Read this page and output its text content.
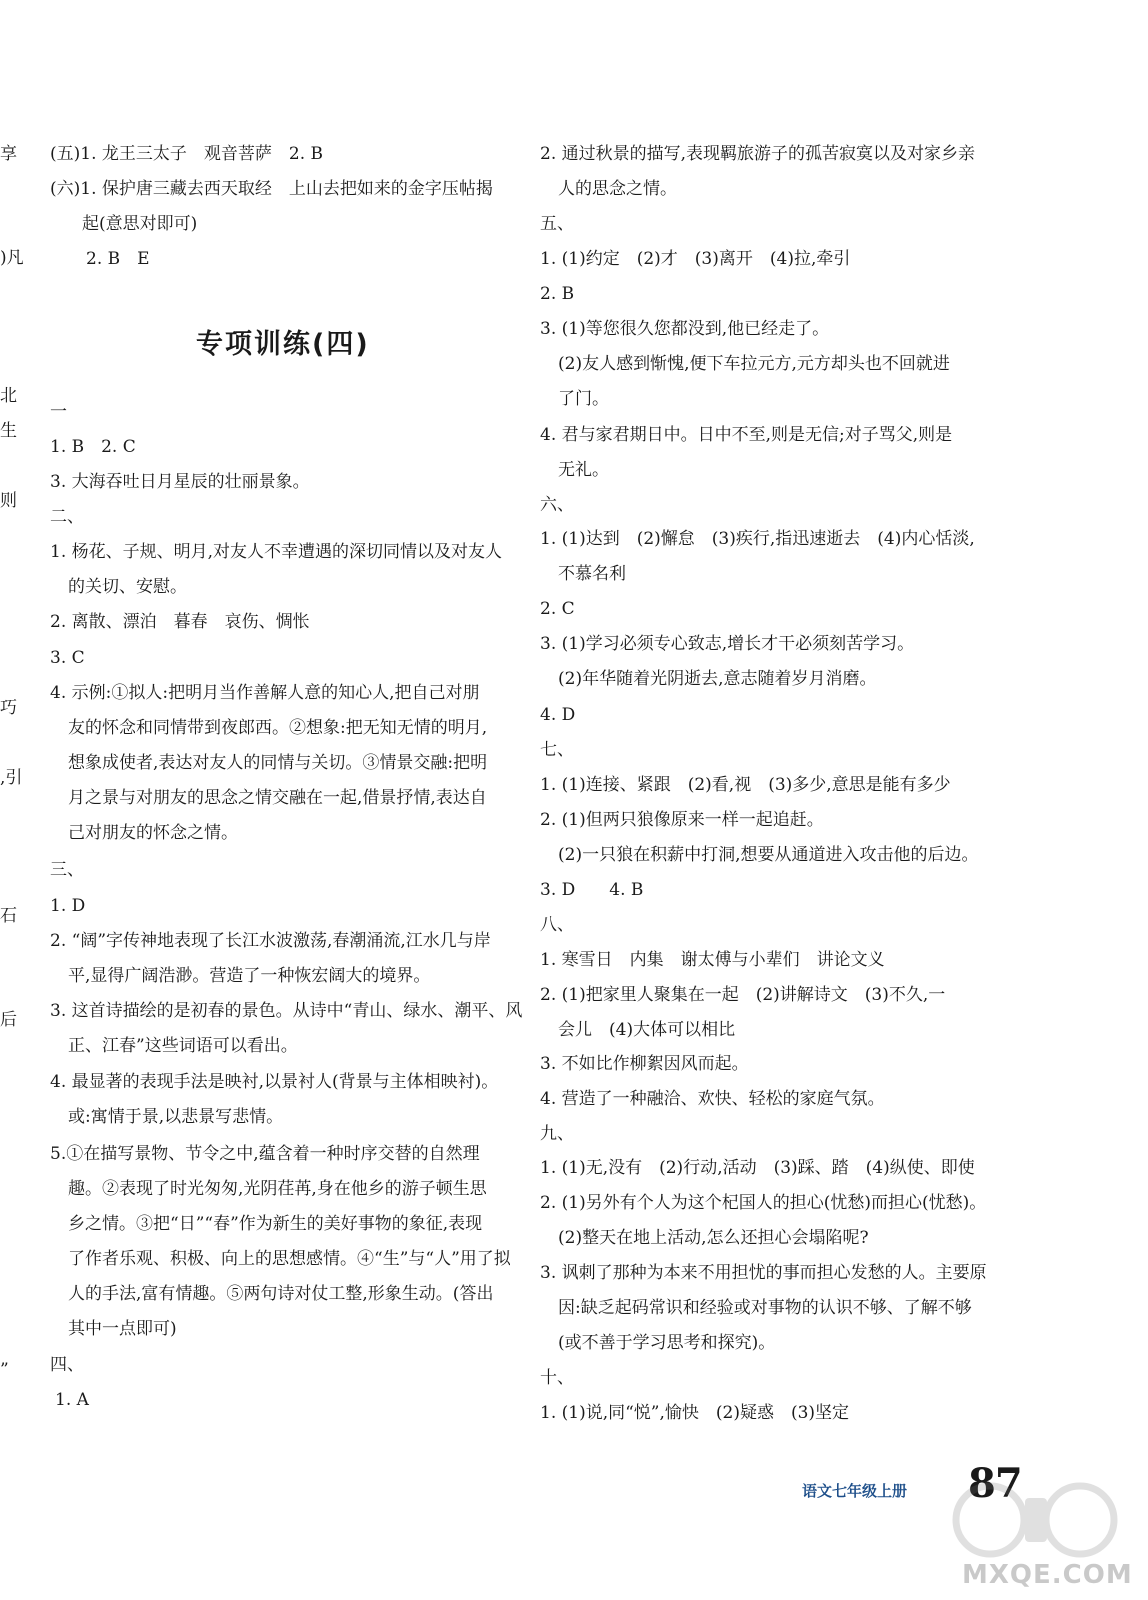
享
)凡
北
生
则
巧
,引
石
后
”
(五)1. 龙王三太子　观音菩萨　2. B
(六)1. 保护唐三藏去西天取经　上山去把如来的金字压帖揭
起(意思对即可)
2. B　E
专项训练(四)
一
1. B　2. C
3. 大海吞吐日月星辰的壮丽景象。
二、
1. 杨花、子规、明月,对友人不幸遭遇的深切同情以及对友人
的关切、安慰。
2. 离散、漂泊　暮春　哀伤、惆怅
3. C
4. 示例:①拟人:把明月当作善解人意的知心人,把自己对朋
友的怀念和同情带到夜郎西。②想象:把无知无情的明月,
想象成使者,表达对友人的同情与关切。③情景交融:把明
月之景与对朋友的思念之情交融在一起,借景抒情,表达自
己对朋友的怀念之情。
三、
1. D
2. “阔”字传神地表现了长江水波激荡,春潮涌流,江水几与岸
平,显得广阔浩渺。营造了一种恢宏阔大的境界。
3. 这首诗描绘的是初春的景色。从诗中“青山、绿水、潮平、风
正、江春”这些词语可以看出。
4. 最显著的表现手法是映衬,以景衬人(背景与主体相映衬)。
或:寓情于景,以悲景写悲情。
5.①在描写景物、节令之中,蕴含着一种时序交替的自然理
趣。②表现了时光匆匆,光阴荏苒,身在他乡的游子顿生思
乡之情。③把“日”“春”作为新生的美好事物的象征,表现
了作者乐观、积极、向上的思想感情。④“生”与“人”用了拟
人的手法,富有情趣。⑤两句诗对仗工整,形象生动。(答出
其中一点即可)
四、
1. A
2. 通过秋景的描写,表现羁旅游子的孤苦寂寞以及对家乡亲
人的思念之情。
五、
1. (1)约定　(2)才　(3)离开　(4)拉,牵引
2. B
3. (1)等您很久您都没到,他已经走了。
(2)友人感到惭愧,便下车拉元方,元方却头也不回就进
了门。
4. 君与家君期日中。日中不至,则是无信;对子骂父,则是
无礼。
六、
1. (1)达到　(2)懈怠　(3)疾行,指迅速逝去　(4)内心恬淡,
不慕名利
2. C
3. (1)学习必须专心致志,增长才干必须刻苦学习。
(2)年华随着光阴逝去,意志随着岁月消磨。
4. D
七、
1. (1)连接、紧跟　(2)看,视　(3)多少,意思是能有多少
2. (1)但两只狼像原来一样一起追赶。
(2)一只狼在积薪中打洞,想要从通道进入攻击他的后边。
3. D　　4. B
八、
1. 寒雪日　内集　谢太傅与小辈们　讲论文义
2. (1)把家里人聚集在一起　(2)讲解诗文　(3)不久,一
会儿　(4)大体可以相比
3. 不如比作柳絮因风而起。
4. 营造了一种融洽、欢快、轻松的家庭气氛。
九、
1. (1)无,没有　(2)行动,活动　(3)踩、踏　(4)纵使、即使
2. (1)另外有个人为这个杞国人的担心(忧愁)而担心(忧愁)。
(2)整天在地上活动,怎么还担心会塌陷呢?
3. 讽刺了那种为本来不用担忧的事而担心发愁的人。主要原
因:缺乏起码常识和经验或对事物的认识不够、了解不够
(或不善于学习思考和探究)。
十、
1. (1)说,同“悦”,愉快　(2)疑惑　(3)坚定
语文七年级上册 87
MXQE.COM
